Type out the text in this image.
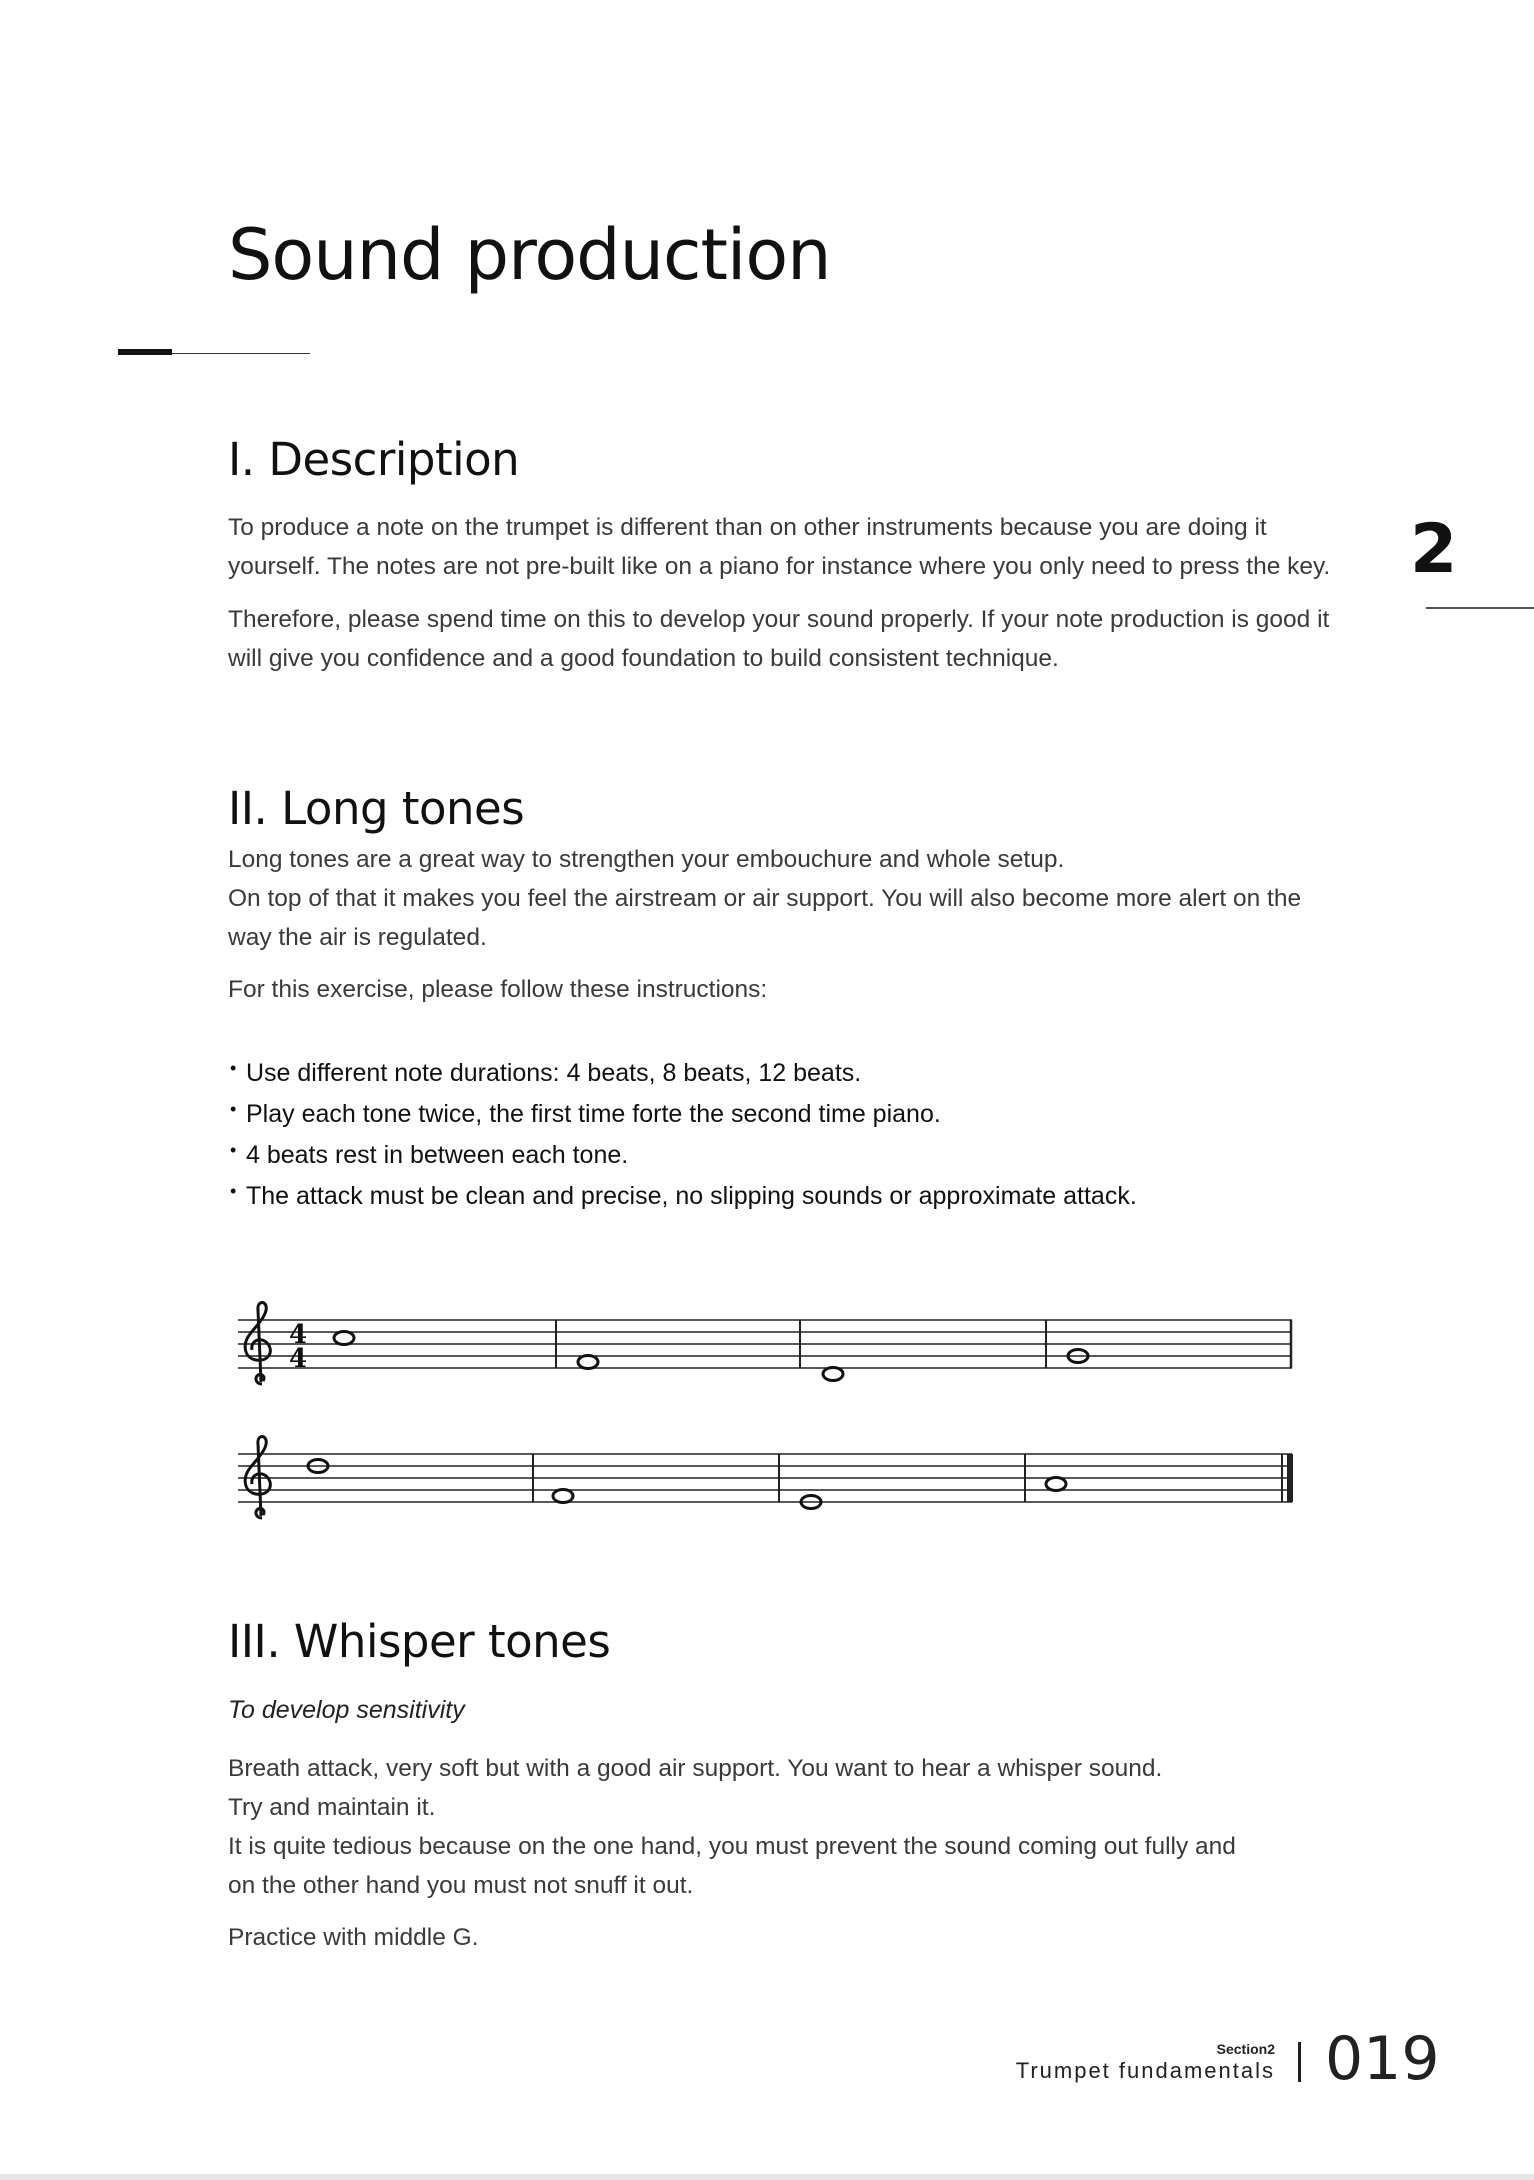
Sound production
2
I. Description

To produce a note on the trumpet is different than on other instruments because you are doing it
yourself. The notes are not pre-built like on a piano for instance where you only need to press the key.

Therefore, please spend time on this to develop your sound properly. If your note production is good it
will give you confidence and a good foundation to build consistent technique.

II. Long tones

Long tones are a great way to strengthen your embouchure and whole setup.
On top of that it makes you feel the airstream or air support. You will also become more alert on the
way the air is regulated.

For this exercise, please follow these instructions:

• Use different note durations: 4 beats, 8 beats, 12 beats.
• Play each tone twice, the first time forte the second time piano.
• 4 beats rest in between each tone.
• The attack must be clean and precise, no slipping sounds or approximate attack.
4
4
III. Whisper tones

To develop sensitivity

Breath attack, very soft but with a good air support. You want to hear a whisper sound.
Try and maintain it.
It is quite tedious because on the one hand, you must prevent the sound coming out fully and
on the other hand you must not snuff it out.

Practice with middle G.

Section2
Trumpet fundamentals 019
